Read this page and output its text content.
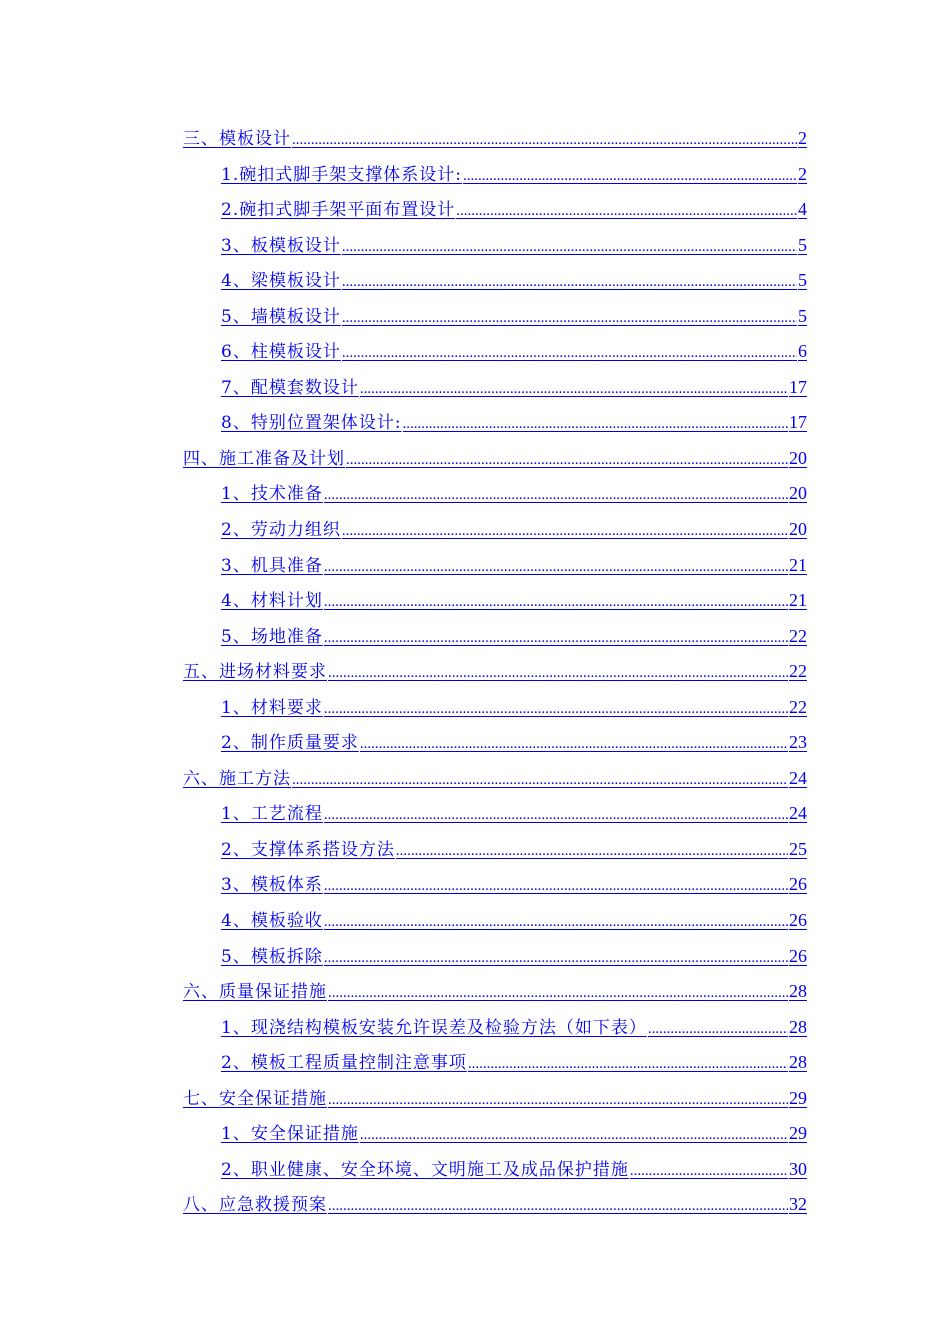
三、模板设计 .....	2
1.碗扣式脚手架支撑体系设计: .....	2
2.碗扣式脚手架平面布置设计 .....	4
3、板模板设计 .....	5
4、梁模板设计 .....	5
5、墙模板设计 .....	5
6、柱模板设计 .....	6
7、配模套数设计 .....	17
8、特别位置架体设计: .....	17
四、施工准备及计划 .....	20
1、技术准备 .....	20
2、劳动力组织 .....	20
3、机具准备 .....	21
4、材料计划 .....	21
5、场地准备 .....	22
五、进场材料要求 .....	22
1、材料要求 .....	22
2、制作质量要求 .....	23
六、施工方法 .....	24
1、工艺流程 .....	24
2、支撑体系搭设方法 .....	25
3、模板体系 .....	26
4、模板验收 .....	26
5、模板拆除 .....	26
六、质量保证措施 .....	28
1、现浇结构模板安装允许误差及检验方法（如下表） .....	28
2、模板工程质量控制注意事项 .....	28
七、安全保证措施 .....	29
1、安全保证措施 .....	29
2、职业健康、安全环境、文明施工及成品保护措施 .....	30
八、应急救援预案 .....	32
